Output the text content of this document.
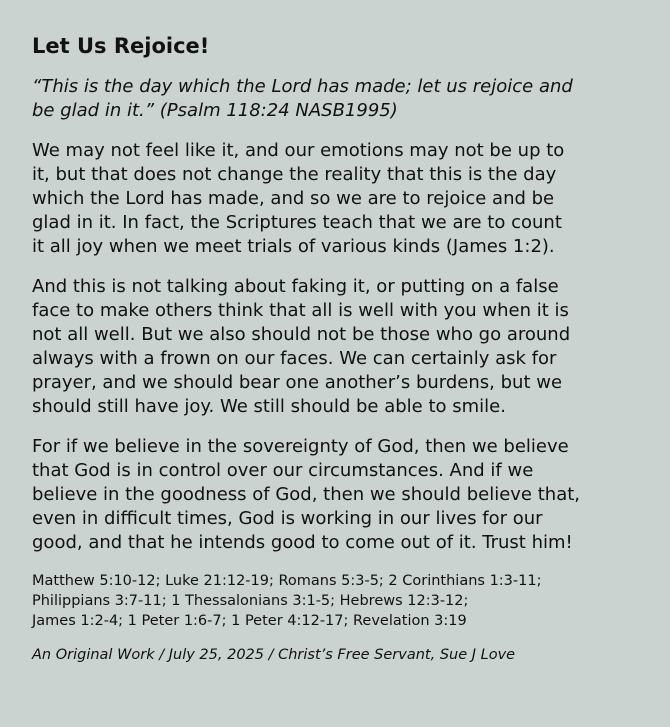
Let Us Rejoice!
“This is the day which the Lord has made; let us rejoice and
be glad in it.” (Psalm 118:24 NASB1995)
We may not feel like it, and our emotions may not be up to
it, but that does not change the reality that this is the day
which the Lord has made, and so we are to rejoice and be
glad in it. In fact, the Scriptures teach that we are to count
it all joy when we meet trials of various kinds (James 1:2).
And this is not talking about faking it, or putting on a false
face to make others think that all is well with you when it is
not all well. But we also should not be those who go around
always with a frown on our faces. We can certainly ask for
prayer, and we should bear one another’s burdens, but we
should still have joy. We still should be able to smile.
For if we believe in the sovereignty of God, then we believe
that God is in control over our circumstances. And if we
believe in the goodness of God, then we should believe that,
even in difficult times, God is working in our lives for our
good, and that he intends good to come out of it. Trust him!
Matthew 5:10-12; Luke 21:12-19; Romans 5:3-5; 2 Corinthians 1:3-11;
Philippians 3:7-11; 1 Thessalonians 3:1-5; Hebrews 12:3-12;
James 1:2-4; 1 Peter 1:6-7; 1 Peter 4:12-17; Revelation 3:19

An Original Work / July 25, 2025 / Christ’s Free Servant, Sue J Love
